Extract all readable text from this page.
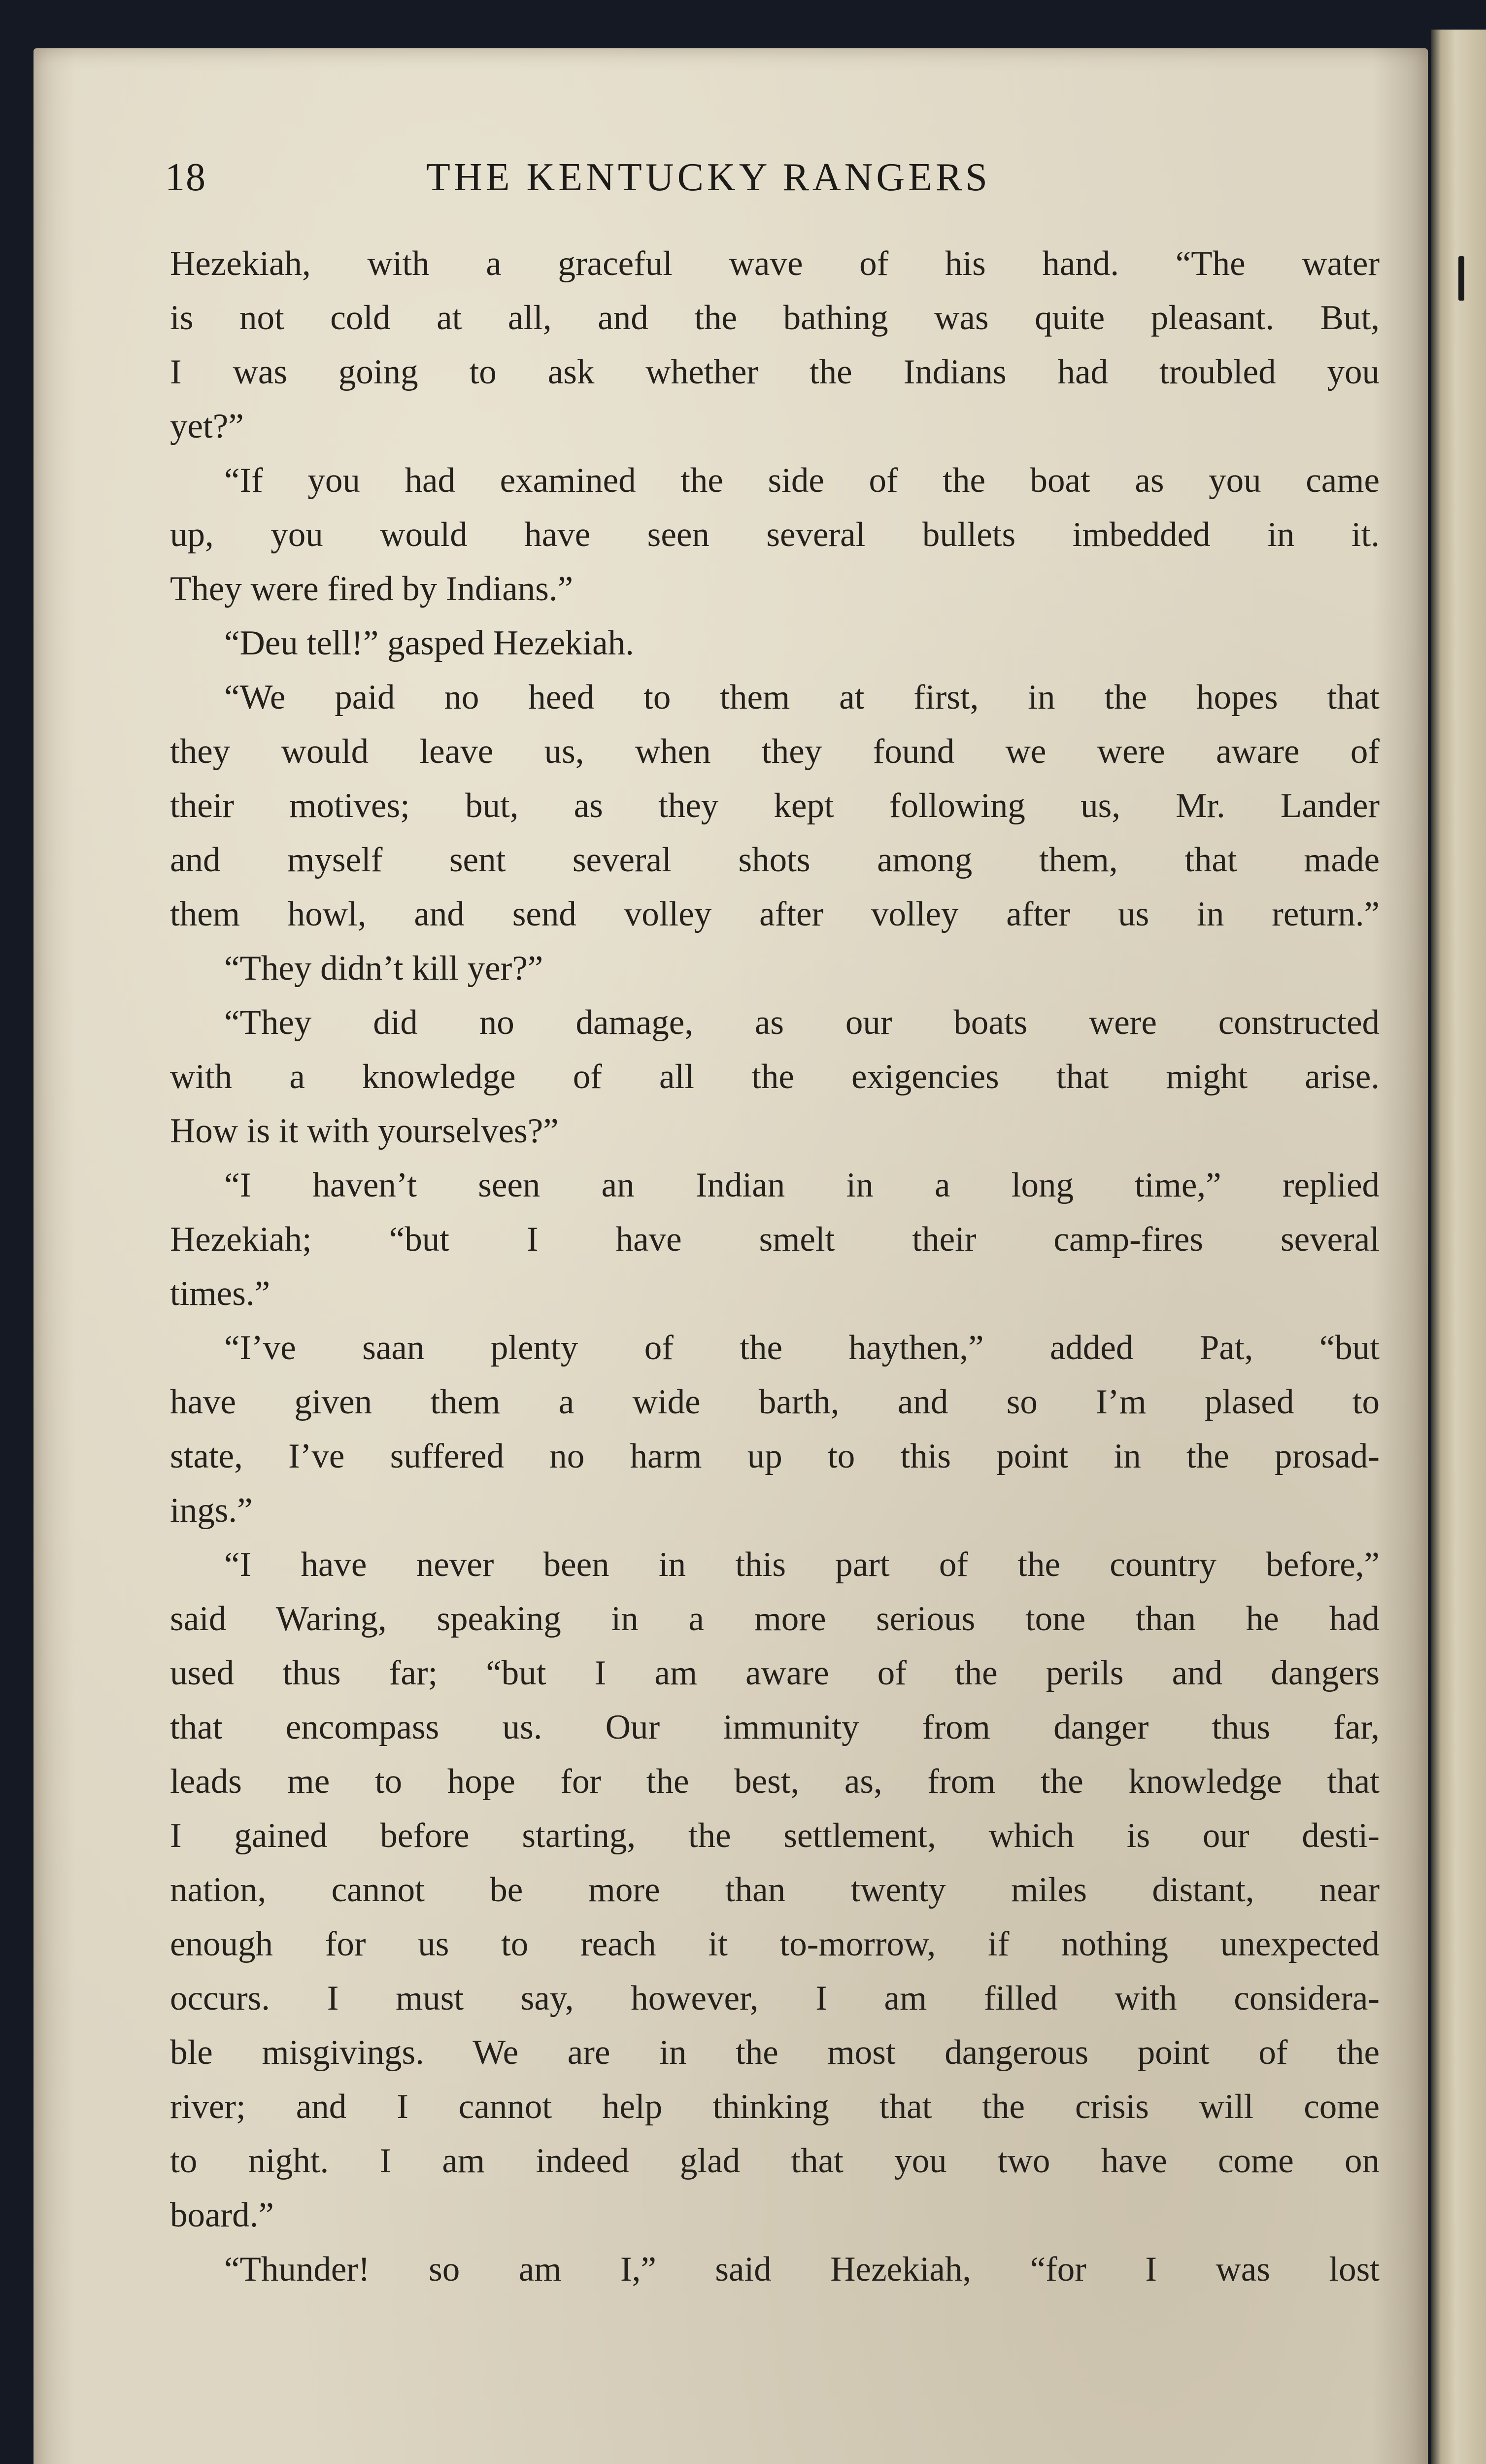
18	THE KENTUCKY RANGERS
Hezekiah, with a graceful wave of his hand. “The water
is not cold at all, and the bathing was quite pleasant. But,
I was going to ask whether the Indians had troubled you
yet?”
“If you had examined the side of the boat as you came
up, you would have seen several bullets imbedded in it.
They were fired by Indians.”
“Deu tell!” gasped Hezekiah.
“We paid no heed to them at first, in the hopes that
they would leave us, when they found we were aware of
their motives; but, as they kept following us, Mr. Lander
and myself sent several shots among them, that made
them howl, and send volley after volley after us in return.”
“They didn’t kill yer?”
“They did no damage, as our boats were constructed
with a knowledge of all the exigencies that might arise.
How is it with yourselves?”
“I haven’t seen an Indian in a long time,” replied
Hezekiah; “but I have smelt their camp-fires several
times.”
“I’ve saan plenty of the haythen,” added Pat, “but
have given them a wide barth, and so I’m plased to
state, I’ve suffered no harm up to this point in the prosad-
ings.”
“I have never been in this part of the country before,”
said Waring, speaking in a more serious tone than he had
used thus far; “but I am aware of the perils and dangers
that encompass us. Our immunity from danger thus far,
leads me to hope for the best, as, from the knowledge that
I gained before starting, the settlement, which is our desti-
nation, cannot be more than twenty miles distant, near
enough for us to reach it to-morrow, if nothing unexpected
occurs. I must say, however, I am filled with considera-
ble misgivings. We are in the most dangerous point of the
river; and I cannot help thinking that the crisis will come
to night. I am indeed glad that you two have come on
board.”
“Thunder! so am I,” said Hezekiah, “for I was lost
